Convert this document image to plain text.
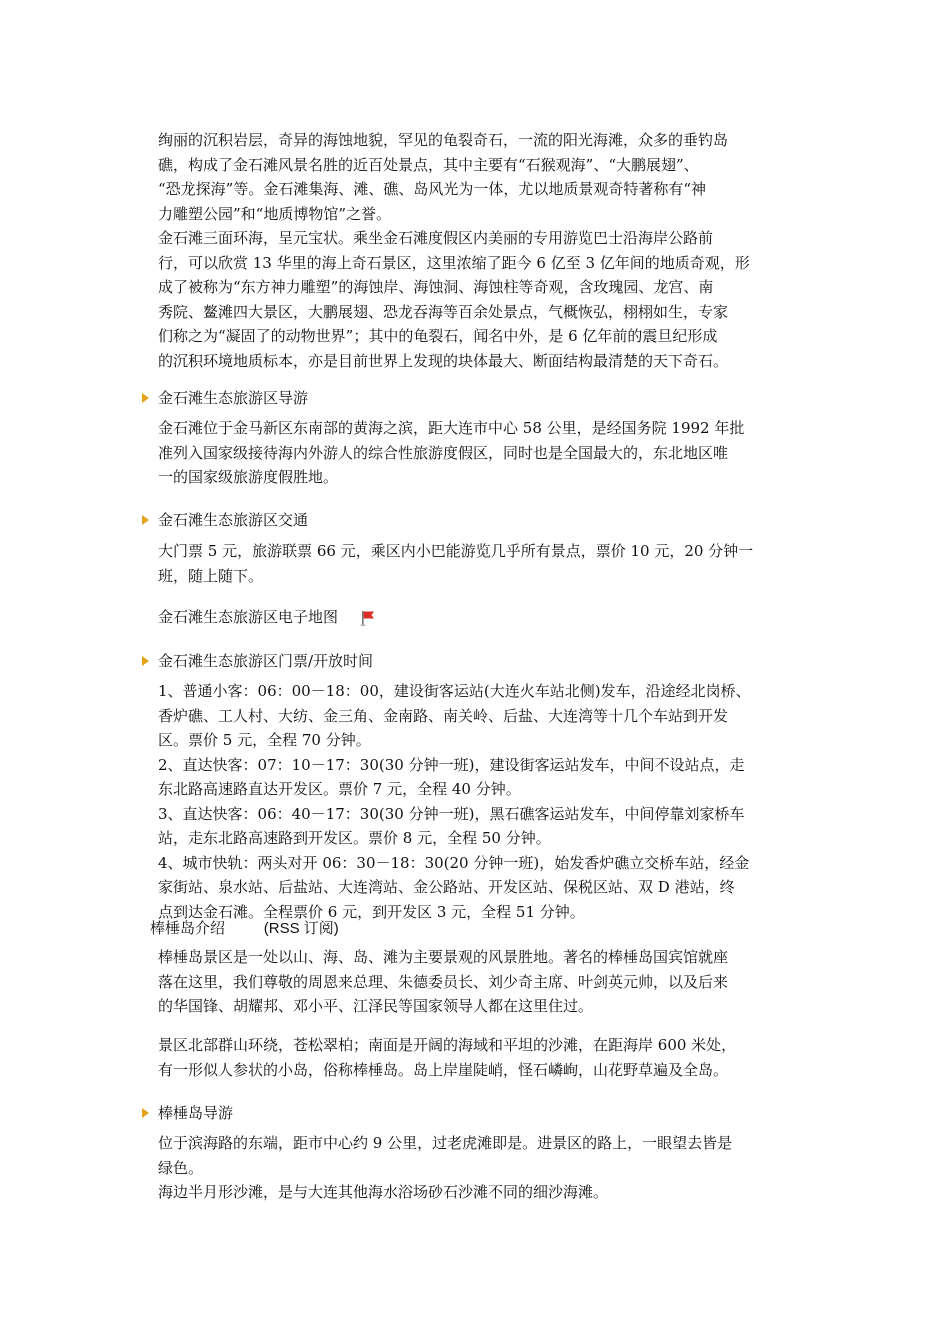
绚丽的沉积岩层，奇异的海蚀地貌，罕见的龟裂奇石，一流的阳光海滩，众多的垂钓岛
礁，构成了金石滩风景名胜的近百处景点，其中主要有“石猴观海”、“大鹏展翅”、
“恐龙探海”等。金石滩集海、滩、礁、岛风光为一体，尤以地质景观奇特著称有“神
力雕塑公园”和“地质博物馆”之誉。
金石滩三面环海，呈元宝状。乘坐金石滩度假区内美丽的专用游览巴士沿海岸公路前
行，可以欣赏 13 华里的海上奇石景区，这里浓缩了距今 6 亿至 3 亿年间的地质奇观，形
成了被称为“东方神力雕塑”的海蚀岸、海蚀洞、海蚀柱等奇观，含玫瑰园、龙宫、南
秀院、鳌滩四大景区，大鹏展翅、恐龙吞海等百余处景点，气概恢弘，栩栩如生，专家
们称之为“凝固了的动物世界”；其中的龟裂石，闻名中外，是 6 亿年前的震旦纪形成
的沉积环境地质标本，亦是目前世界上发现的块体最大、断面结构最清楚的天下奇石。
金石滩生态旅游区导游
金石滩位于金马新区东南部的黄海之滨，距大连市中心 58 公里，是经国务院 1992 年批
准列入国家级接待海内外游人的综合性旅游度假区，同时也是全国最大的，东北地区唯
一的国家级旅游度假胜地。
金石滩生态旅游区交通
大门票 5 元，旅游联票 66 元，乘区内小巴能游览几乎所有景点，票价 10 元，20 分钟一
班，随上随下。
金石滩生态旅游区电子地图
金石滩生态旅游区门票/开放时间
1、普通小客：06：00－18：00，建设街客运站(大连火车站北侧)发车，沿途经北岗桥、
香炉礁、工人村、大纺、金三角、金南路、南关岭、后盐、大连湾等十几个车站到开发
区。票价 5 元，全程 70 分钟。
2、直达快客：07：10－17：30(30 分钟一班)，建设街客运站发车，中间不设站点，走
东北路高速路直达开发区。票价 7 元，全程 40 分钟。
3、直达快客：06：40－17：30(30 分钟一班)，黑石礁客运站发车，中间停靠刘家桥车
站，走东北路高速路到开发区。票价 8 元，全程 50 分钟。
4、城市快轨：两头对开 06：30－18：30(20 分钟一班)，始发香炉礁立交桥车站，经金
家街站、泉水站、后盐站、大连湾站、金公路站、开发区站、保税区站、双 D 港站，终
点到达金石滩。全程票价 6 元，到开发区 3 元，全程 51 分钟。
棒棰岛介绍	(RSS 订阅)
棒棰岛景区是一处以山、海、岛、滩为主要景观的风景胜地。著名的棒棰岛国宾馆就座
落在这里，我们尊敬的周恩来总理、朱德委员长、刘少奇主席、叶剑英元帅，以及后来
的华国锋、胡耀邦、邓小平、江泽民等国家领导人都在这里住过。
景区北部群山环绕，苍松翠柏；南面是开阔的海域和平坦的沙滩，在距海岸 600 米处，
有一形似人参状的小岛，俗称棒棰岛。岛上岸崖陡峭，怪石嶙峋，山花野草遍及全岛。
棒棰岛导游
位于滨海路的东端，距市中心约 9 公里，过老虎滩即是。进景区的路上，一眼望去皆是
绿色。
海边半月形沙滩，是与大连其他海水浴场砂石沙滩不同的细沙海滩。
